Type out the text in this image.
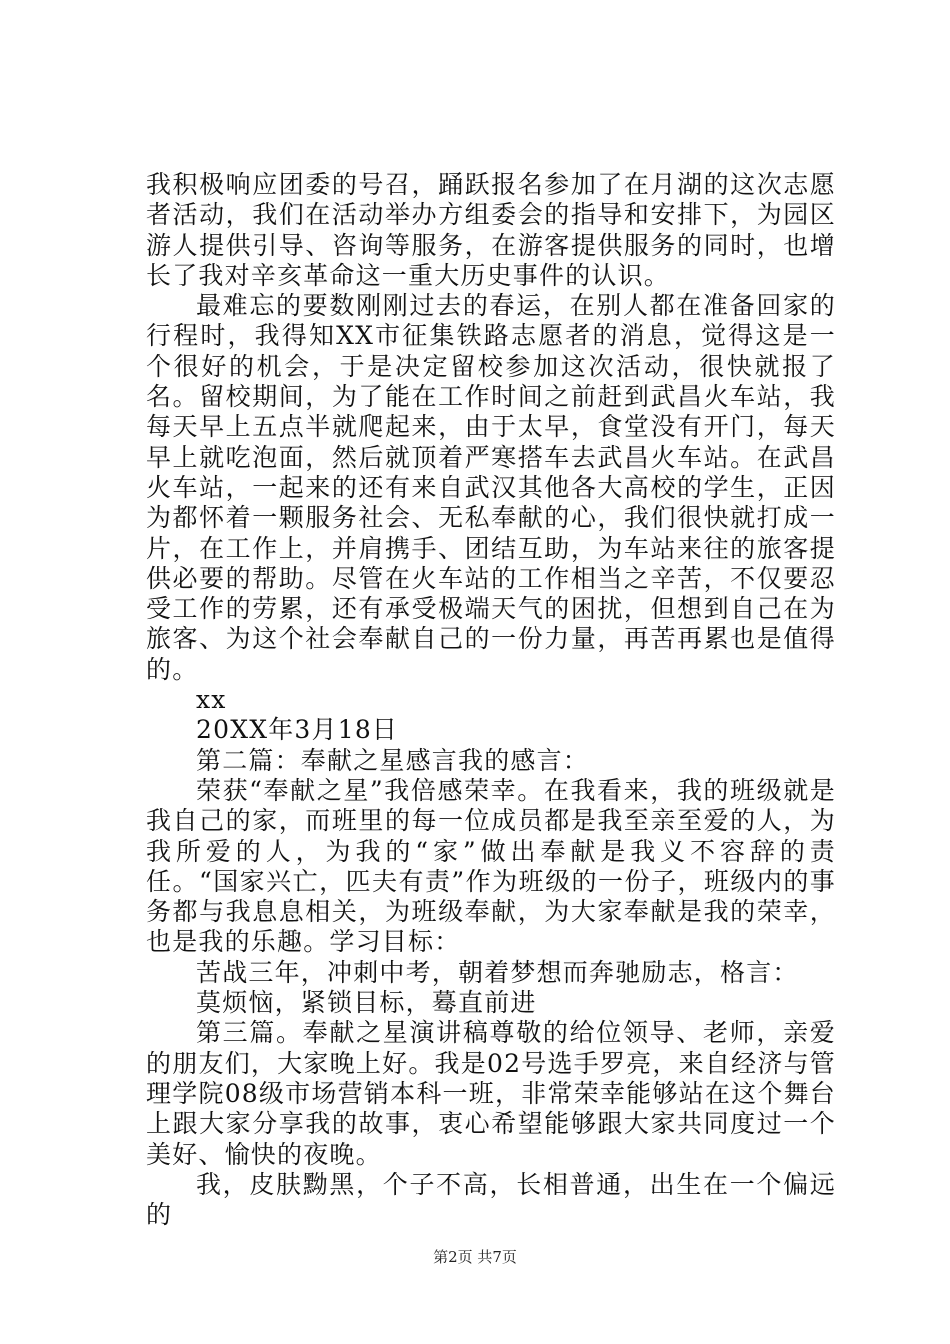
我积极响应团委的号召，踊跃报名参加了在月湖的这次志愿者活动，我们在活动举办方组委会的指导和安排下，为园区游人提供引导、咨询等服务，在游客提供服务的同时，也增长了我对辛亥革命这一重大历史事件的认识。

最难忘的要数刚刚过去的春运，在别人都在准备回家的行程时，我得知XX市征集铁路志愿者的消息，觉得这是一个很好的机会，于是决定留校参加这次活动，很快就报了名。留校期间，为了能在工作时间之前赶到武昌火车站，我每天早上五点半就爬起来，由于太早，食堂没有开门，每天早上就吃泡面，然后就顶着严寒搭车去武昌火车站。在武昌火车站，一起来的还有来自武汉其他各大高校的学生，正因为都怀着一颗服务社会、无私奉献的心，我们很快就打成一片，在工作上，并肩携手、团结互助，为车站来往的旅客提供必要的帮助。尽管在火车站的工作相当之辛苦，不仅要忍受工作的劳累，还有承受极端天气的困扰，但想到自己在为旅客、为这个社会奉献自己的一份力量，再苦再累也是值得的。

xx

20XX年3月18日

第二篇：奉献之星感言我的感言：

荣获“奉献之星”我倍感荣幸。在我看来，我的班级就是我自己的家，而班里的每一位成员都是我至亲至爱的人，为我所爱的人，为我的“家”做出奉献是我义不容辞的责任。“国家兴亡，匹夫有责”作为班级的一份子，班级内的事务都与我息息相关，为班级奉献，为大家奉献是我的荣幸，也是我的乐趣。学习目标：

苦战三年，冲刺中考，朝着梦想而奔驰励志，格言：

莫烦恼，紧锁目标，蓦直前进

第三篇。奉献之星演讲稿尊敬的给位领导、老师，亲爱的朋友们，大家晚上好。我是02号选手罗亮，来自经济与管理学院08级市场营销本科一班，非常荣幸能够站在这个舞台上跟大家分享我的故事，衷心希望能够跟大家共同度过一个美好、愉快的夜晚。

我，皮肤黝黑，个子不高，长相普通，出生在一个偏远的

第2页 共7页
